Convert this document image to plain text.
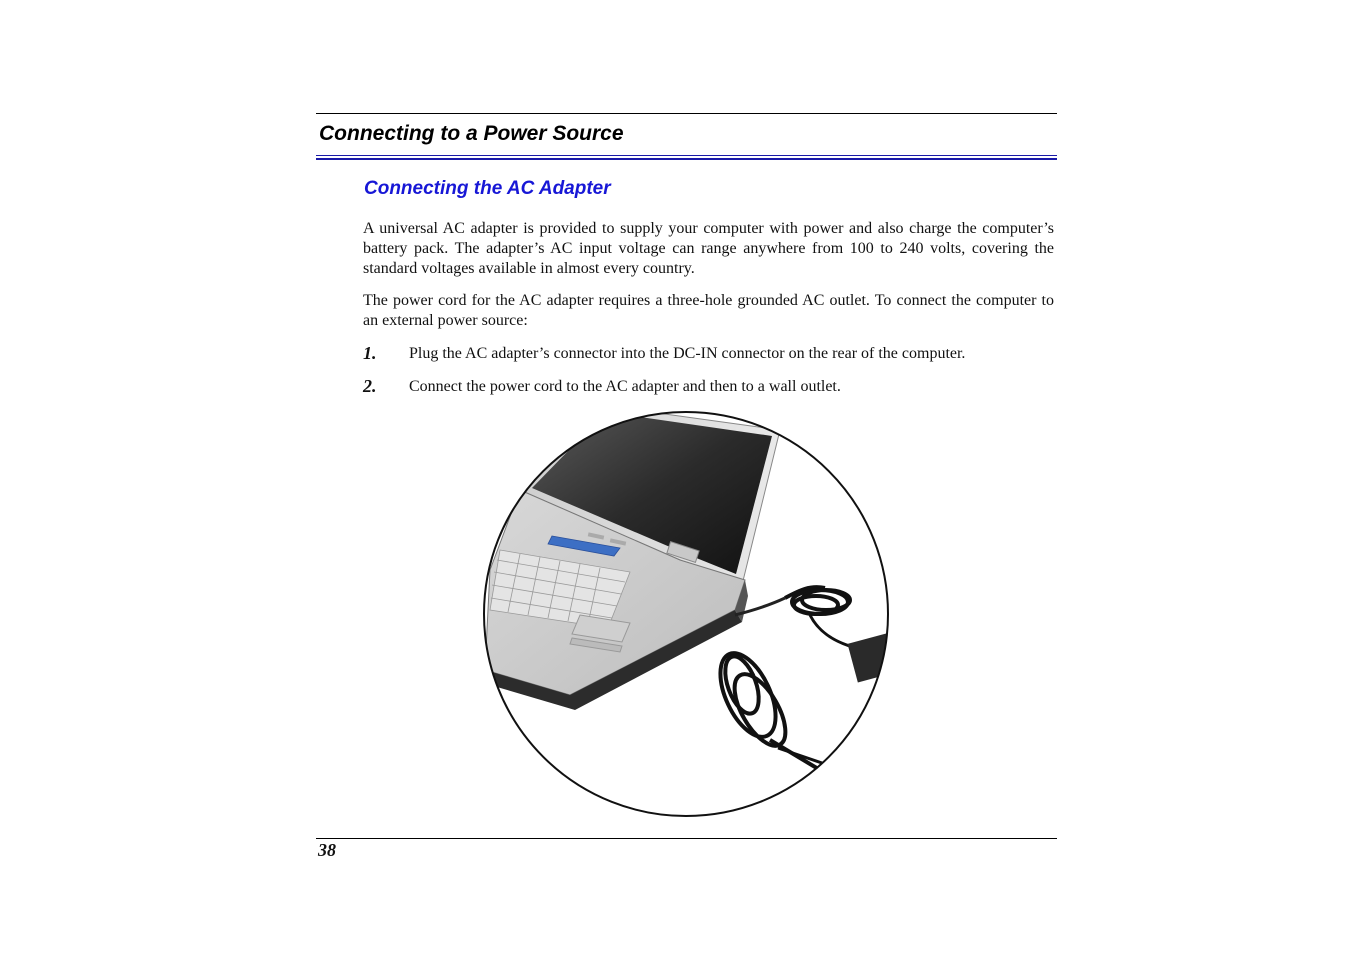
Connecting to a Power Source
Connecting the AC Adapter

A universal AC adapter is provided to supply your computer with power and also charge the computer’s battery pack. The adapter’s AC input voltage can range anywhere from 100 to 240 volts, covering the standard voltages available in almost every country.

The power cord for the AC adapter requires a three-hole grounded AC outlet. To connect the computer to an external power source:

1. Plug the AC adapter’s connector into the DC-IN connector on the rear of the computer.
2. Connect the power cord to the AC adapter and then to a wall outlet.
38
